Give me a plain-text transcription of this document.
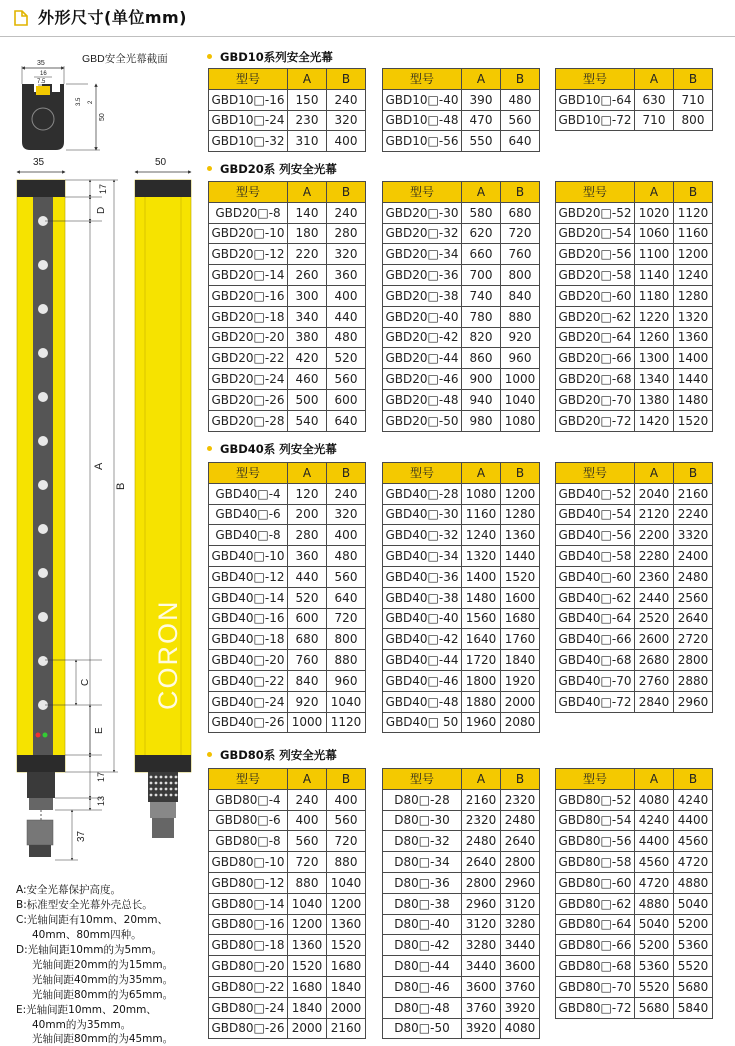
外形尺寸(单位mm)
GBD安全光幕截面
35
16
7.5
50
3.5 2
35	50
17
D
A
B
C
E
17
13
37
CORON
A:安全光幕保护高度。
B:标准型安全光幕外壳总长。
C:光轴间距有10mm、20mm、
40mm、80mm四种。
D:光轴间距10mm的为5mm。
光轴间距20mm的为15mm。
光轴间距40mm的为35mm。
光轴间距80mm的为65mm。
E:光轴间距10mm、20mm、
40mm的为35mm。
光轴间距80mm的为45mm。
GBD10系列安全光幕
GBD20系 列安全光幕
GBD40系 列安全光幕
GBD80系 列安全光幕
型号	A	B
GBD10□-16	150	240
GBD10□-24	230	320
GBD10□-32	310	400
型号	A	B
GBD10□-40	390	480
GBD10□-48	470	560
GBD10□-56	550	640
型号	A	B
GBD10□-64	630	710
GBD10□-72	710	800
型号	A	B
GBD20□-8	140	240
GBD20□-10	180	280
GBD20□-12	220	320
GBD20□-14	260	360
GBD20□-16	300	400
GBD20□-18	340	440
GBD20□-20	380	480
GBD20□-22	420	520
GBD20□-24	460	560
GBD20□-26	500	600
GBD20□-28	540	640
型号	A	B
GBD20□-30	580	680
GBD20□-32	620	720
GBD20□-34	660	760
GBD20□-36	700	800
GBD20□-38	740	840
GBD20□-40	780	880
GBD20□-42	820	920
GBD20□-44	860	960
GBD20□-46	900	1000
GBD20□-48	940	1040
GBD20□-50	980	1080
型号	A	B
GBD20□-52	1020	1120
GBD20□-54	1060	1160
GBD20□-56	1100	1200
GBD20□-58	1140	1240
GBD20□-60	1180	1280
GBD20□-62	1220	1320
GBD20□-64	1260	1360
GBD20□-66	1300	1400
GBD20□-68	1340	1440
GBD20□-70	1380	1480
GBD20□-72	1420	1520
型号	A	B
GBD40□-4	120	240
GBD40□-6	200	320
GBD40□-8	280	400
GBD40□-10	360	480
GBD40□-12	440	560
GBD40□-14	520	640
GBD40□-16	600	720
GBD40□-18	680	800
GBD40□-20	760	880
GBD40□-22	840	960
GBD40□-24	920	1040
GBD40□-26	1000	1120
型号	A	B
GBD40□-28	1080	1200
GBD40□-30	1160	1280
GBD40□-32	1240	1360
GBD40□-34	1320	1440
GBD40□-36	1400	1520
GBD40□-38	1480	1600
GBD40□-40	1560	1680
GBD40□-42	1640	1760
GBD40□-44	1720	1840
GBD40□-46	1800	1920
GBD40□-48	1880	2000
GBD40□ 50	1960	2080
型号	A	B
GBD40□-52	2040	2160
GBD40□-54	2120	2240
GBD40□-56	2200	3320
GBD40□-58	2280	2400
GBD40□-60	2360	2480
GBD40□-62	2440	2560
GBD40□-64	2520	2640
GBD40□-66	2600	2720
GBD40□-68	2680	2800
GBD40□-70	2760	2880
GBD40□-72	2840	2960
型号	A	B
GBD80□-4	240	400
GBD80□-6	400	560
GBD80□-8	560	720
GBD80□-10	720	880
GBD80□-12	880	1040
GBD80□-14	1040	1200
GBD80□-16	1200	1360
GBD80□-18	1360	1520
GBD80□-20	1520	1680
GBD80□-22	1680	1840
GBD80□-24	1840	2000
GBD80□-26	2000	2160
型号	A	B
D80□-28	2160	2320
D80□-30	2320	2480
D80□-32	2480	2640
D80□-34	2640	2800
D80□-36	2800	2960
D80□-38	2960	3120
D80□-40	3120	3280
D80□-42	3280	3440
D80□-44	3440	3600
D80□-46	3600	3760
D80□-48	3760	3920
D80□-50	3920	4080
型号	A	B
GBD80□-52	4080	4240
GBD80□-54	4240	4400
GBD80□-56	4400	4560
GBD80□-58	4560	4720
GBD80□-60	4720	4880
GBD80□-62	4880	5040
GBD80□-64	5040	5200
GBD80□-66	5200	5360
GBD80□-68	5360	5520
GBD80□-70	5520	5680
GBD80□-72	5680	5840
